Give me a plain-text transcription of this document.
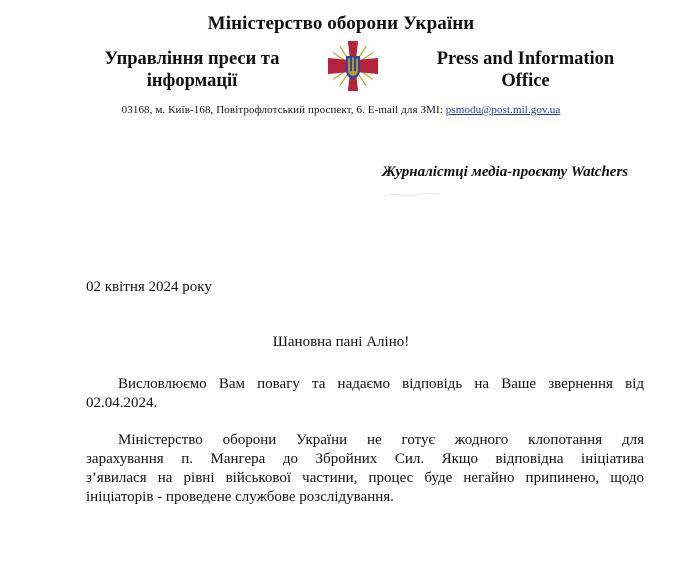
Міністерство оборони України
Управління преси та
інформації
Press and Information
Office
03168, м. Київ-168, Повітрофлотський проспект, 6. E-mail для ЗМІ: psmodu@post.mil.gov.ua
Журналістці медіа-проєкту Watchers
02 квітня 2024 року
Шановна пані Аліно!
Висловлюємо Вам повагу та надаємо відповідь на Ваше звернення від
02.04.2024.
Міністерство оборони України не готує жодного клопотання для
зарахування п. Мангера до Збройних Сил. Якщо відповідна ініціатива
з’явилася на рівні військової частини, процес буде негайно припинено, щодо
ініціаторів - проведене службове розслідування.
